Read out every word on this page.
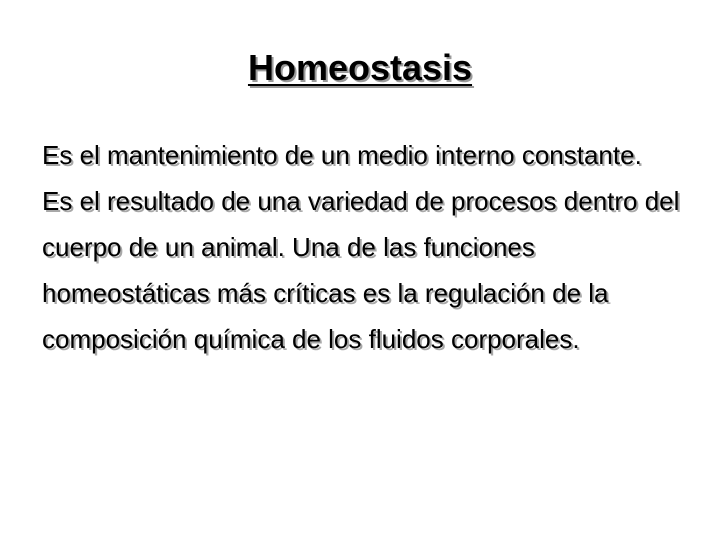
Homeostasis

Es el mantenimiento de un medio interno constante.

Es el resultado de una variedad de procesos dentro del cuerpo de un animal. Una de las funciones homeostáticas más críticas es la regulación de la composición química de los fluidos corporales.
